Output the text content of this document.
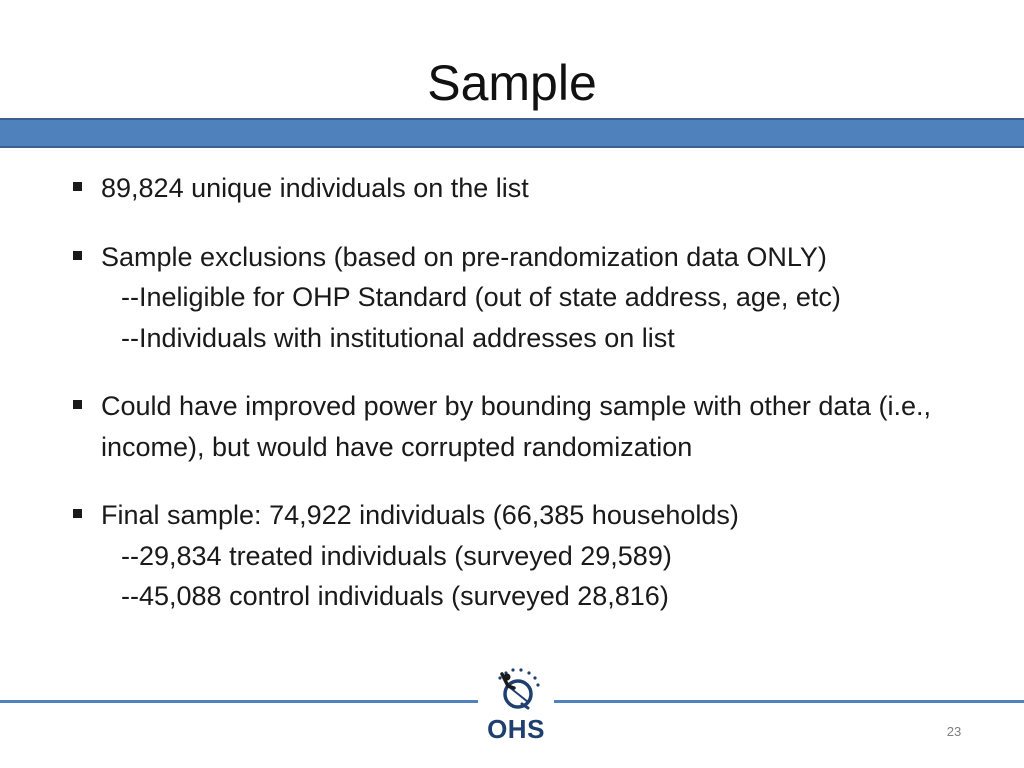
Sample
89,824 unique individuals on the list
Sample exclusions (based on pre-randomization data ONLY)
--Ineligible for OHP Standard (out of state address, age, etc)
--Individuals with institutional addresses on list
Could have improved power by bounding sample with other data (i.e., income), but would have corrupted randomization
Final sample: 74,922 individuals (66,385 households)
--29,834 treated individuals (surveyed 29,589)
--45,088 control individuals (surveyed 28,816)
OHS	23
